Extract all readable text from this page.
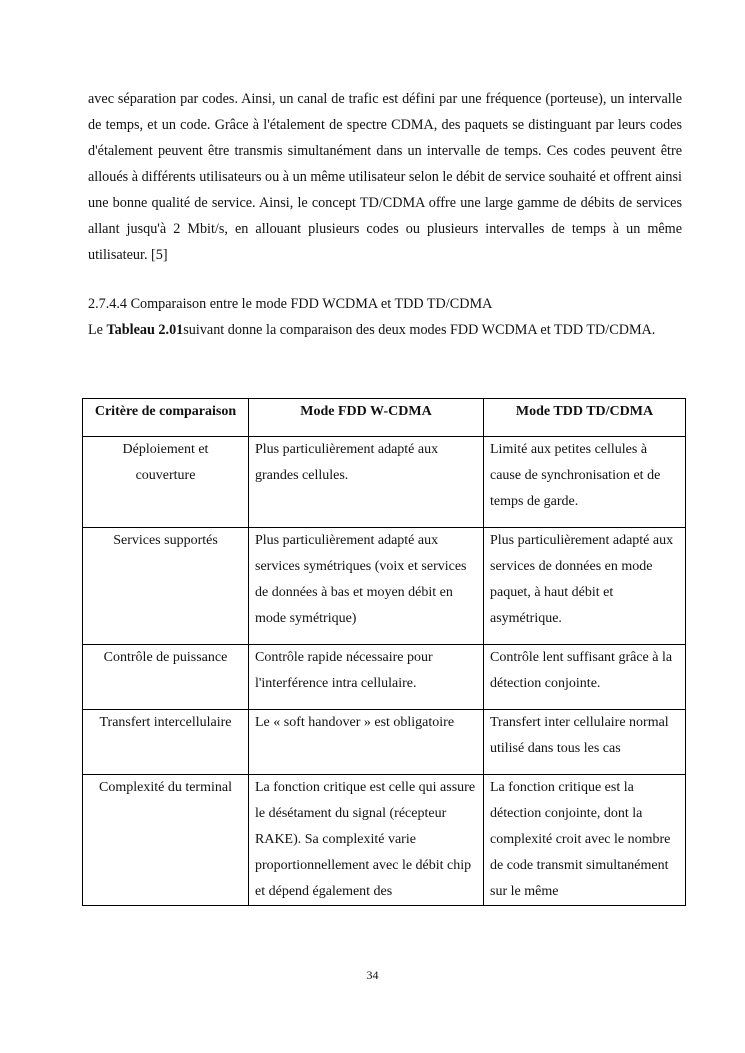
avec séparation par codes. Ainsi, un canal de trafic est défini par une fréquence (porteuse), un intervalle de temps, et un code. Grâce à l'étalement de spectre CDMA, des paquets se distinguant par leurs codes d'étalement peuvent être transmis simultanément dans un intervalle de temps. Ces codes peuvent être alloués à différents utilisateurs ou à un même utilisateur selon le débit de service souhaité et offrent ainsi une bonne qualité de service. Ainsi, le concept TD/CDMA offre une large gamme de débits de services allant jusqu'à 2 Mbit/s, en allouant plusieurs codes ou plusieurs intervalles de temps à un même utilisateur. [5]

2.7.4.4 Comparaison entre le mode FDD WCDMA et TDD TD/CDMA

Le Tableau 2.01suivant donne la comparaison des deux modes FDD WCDMA et TDD TD/CDMA.

Critère de comparaison	Mode FDD W-CDMA	Mode TDD TD/CDMA

Déploiement et couverture	Plus particulièrement adapté aux grandes cellules.	Limité aux petites cellules à cause de synchronisation et de temps de garde.
Services supportés	Plus particulièrement adapté aux services symétriques (voix et services de données à bas et moyen débit en mode symétrique)	Plus particulièrement adapté aux services de données en mode paquet, à haut débit et asymétrique.
Contrôle de puissance	Contrôle rapide nécessaire pour l'interférence intra cellulaire.	Contrôle lent suffisant grâce à la détection conjointe.
Transfert intercellulaire	Le « soft handover » est obligatoire	Transfert inter cellulaire normal utilisé dans tous les cas
Complexité du terminal	La fonction critique est celle qui assure le désétament du signal (récepteur RAKE). Sa complexité varie proportionnellement avec le débit chip et dépend également des	La fonction critique est la détection conjointe, dont la complexité croit avec le nombre de code transmit simultanément sur le même
34
